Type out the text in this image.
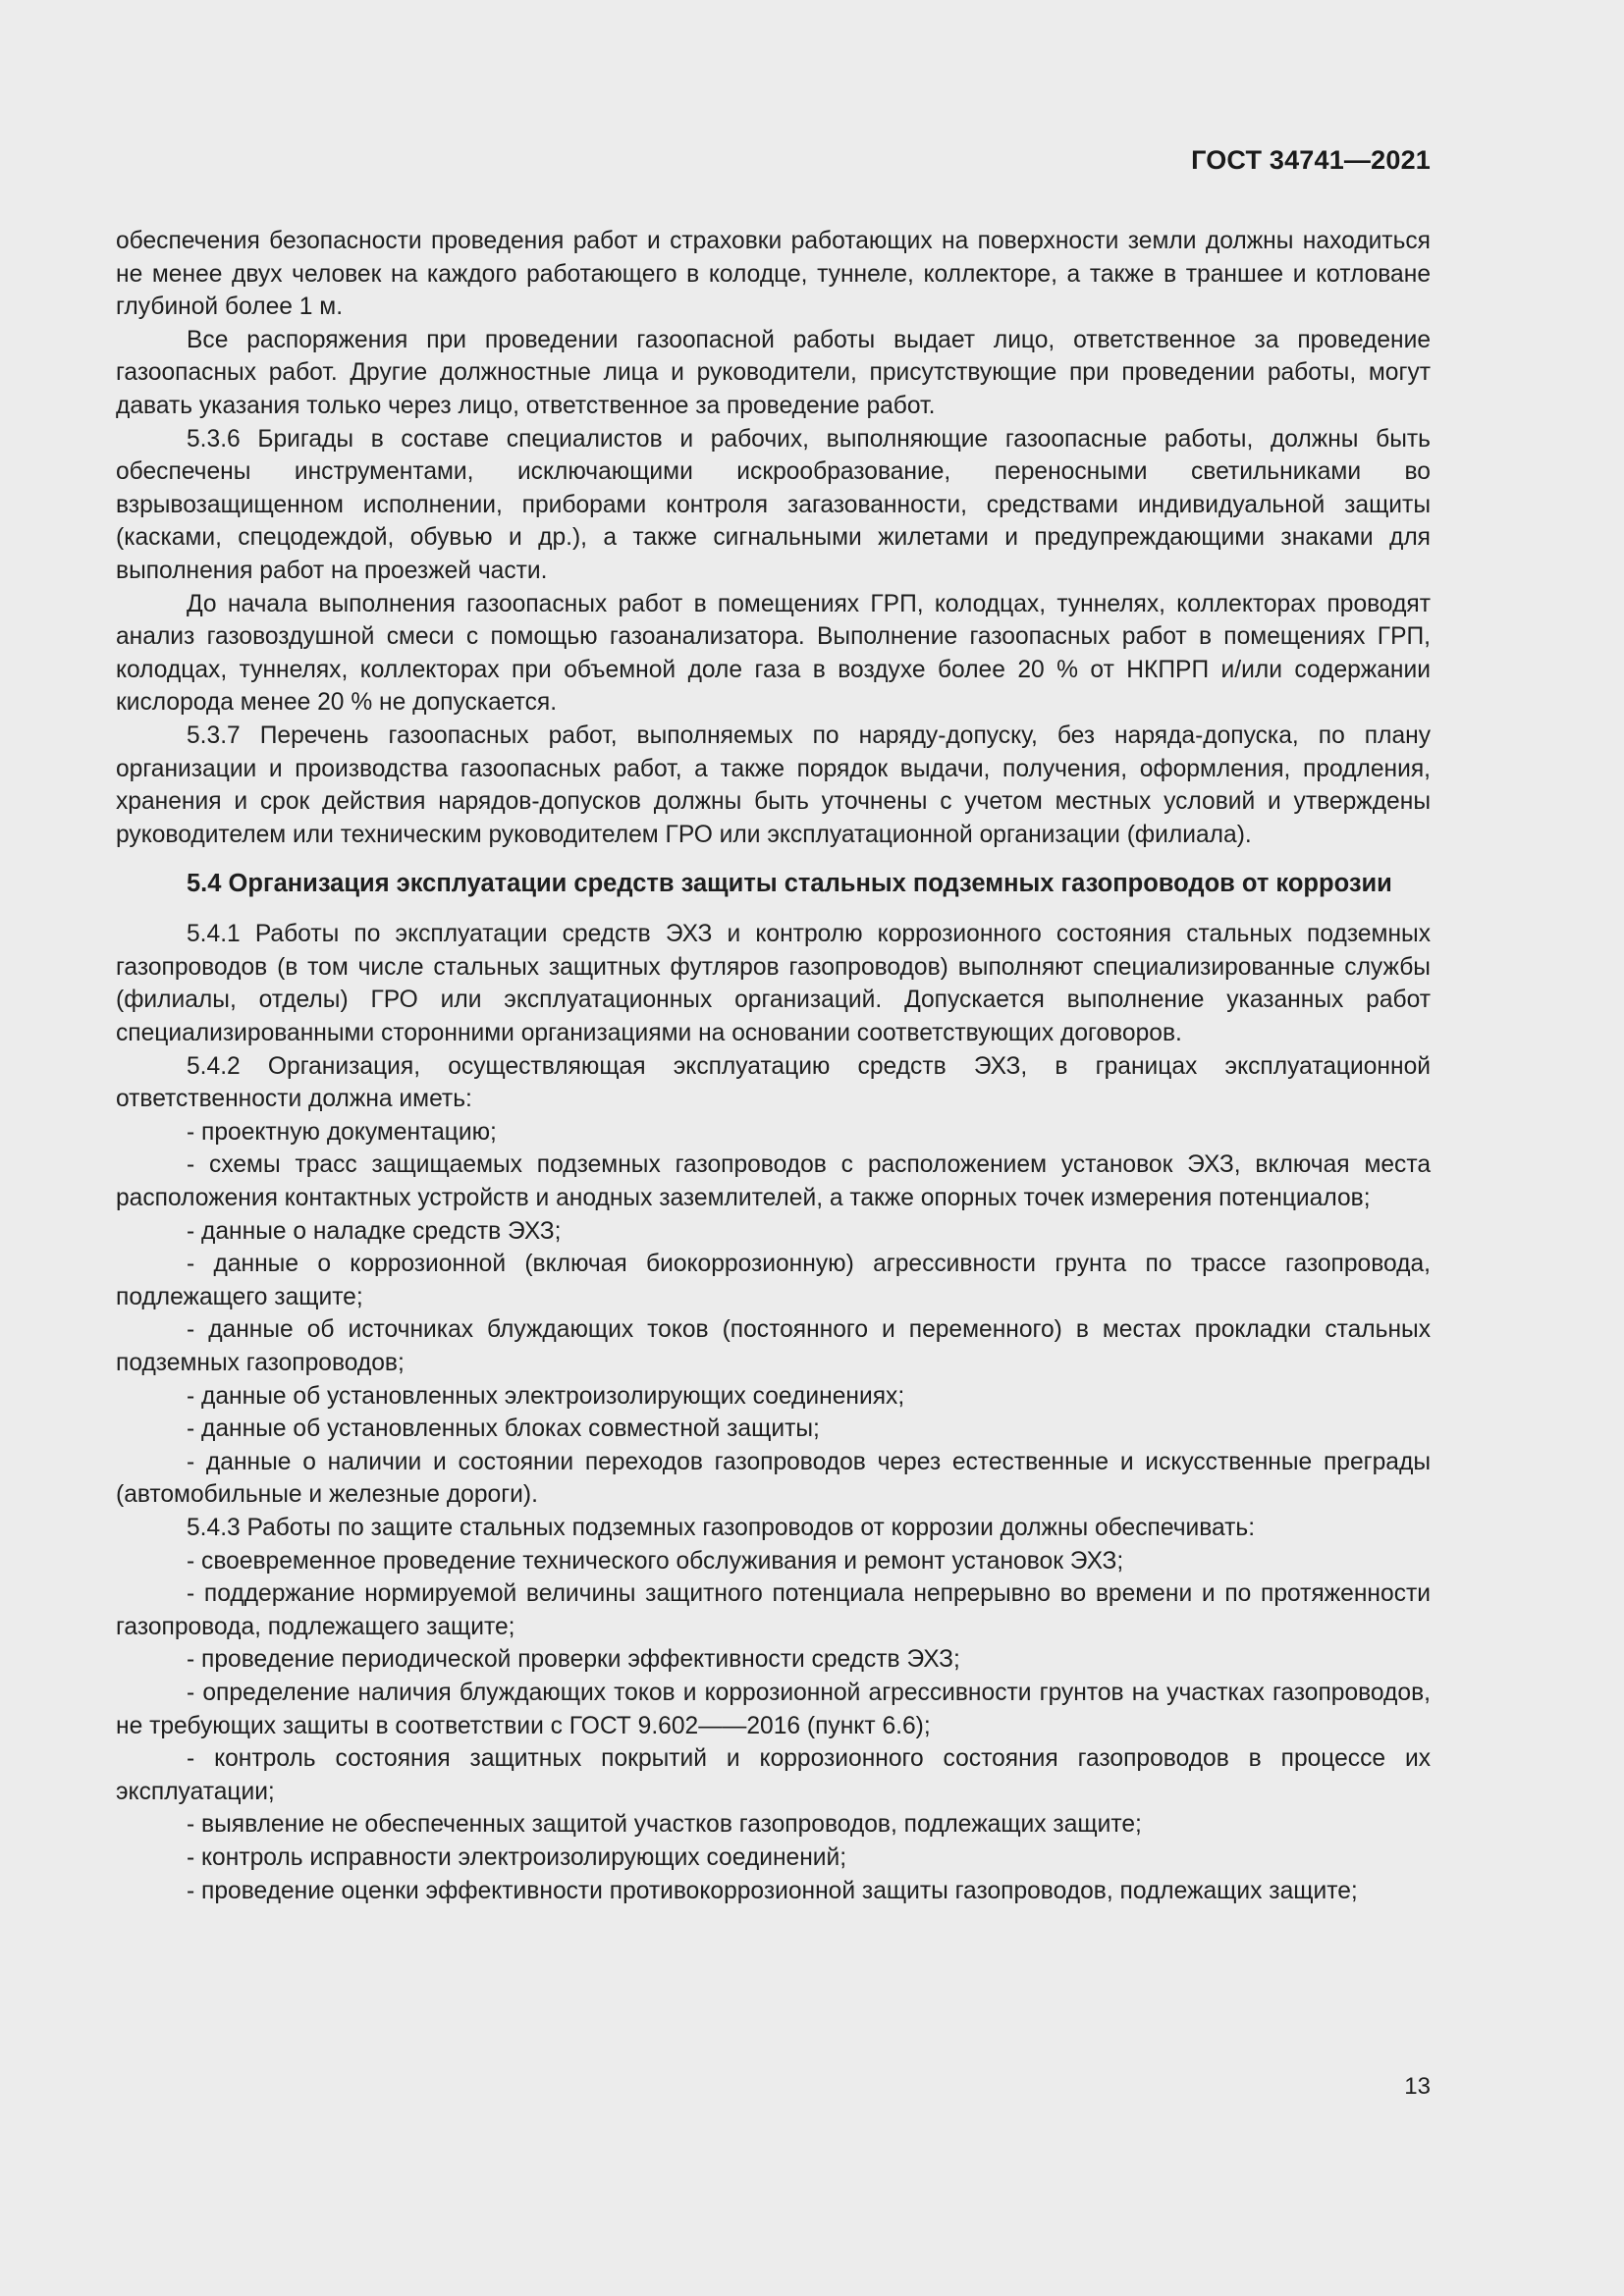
ГОСТ 34741—2021

обеспечения безопасности проведения работ и страховки работающих на поверхности земли должны находиться не менее двух человек на каждого работающего в колодце, туннеле, коллекторе, а также в траншее и котловане глубиной более 1 м.

Все распоряжения при проведении газоопасной работы выдает лицо, ответственное за проведение газоопасных работ. Другие должностные лица и руководители, присутствующие при проведении работы, могут давать указания только через лицо, ответственное за проведение работ.

5.3.6 Бригады в составе специалистов и рабочих, выполняющие газоопасные работы, должны быть обеспечены инструментами, исключающими искрообразование, переносными светильниками во взрывозащищенном исполнении, приборами контроля загазованности, средствами индивидуальной защиты (касками, спецодеждой, обувью и др.), а также сигнальными жилетами и предупреждающими знаками для выполнения работ на проезжей части.

До начала выполнения газоопасных работ в помещениях ГРП, колодцах, туннелях, коллекторах проводят анализ газовоздушной смеси с помощью газоанализатора. Выполнение газоопасных работ в помещениях ГРП, колодцах, туннелях, коллекторах при объемной доле газа в воздухе более 20 % от НКПРП и/или содержании кислорода менее 20 % не допускается.

5.3.7 Перечень газоопасных работ, выполняемых по наряду-допуску, без наряда-допуска, по плану организации и производства газоопасных работ, а также порядок выдачи, получения, оформления, продления, хранения и срок действия нарядов-допусков должны быть уточнены с учетом местных условий и утверждены руководителем или техническим руководителем ГРО или эксплуатационной организации (филиала).

5.4 Организация эксплуатации средств защиты стальных подземных газопроводов от коррозии

5.4.1 Работы по эксплуатации средств ЭХЗ и контролю коррозионного состояния стальных подземных газопроводов (в том числе стальных защитных футляров газопроводов) выполняют специализированные службы (филиалы, отделы) ГРО или эксплуатационных организаций. Допускается выполнение указанных работ специализированными сторонними организациями на основании соответствующих договоров.

5.4.2 Организация, осуществляющая эксплуатацию средств ЭХЗ, в границах эксплуатационной ответственности должна иметь:

- проектную документацию;

- схемы трасс защищаемых подземных газопроводов с расположением установок ЭХЗ, включая места расположения контактных устройств и анодных заземлителей, а также опорных точек измерения потенциалов;

- данные о наладке средств ЭХЗ;

- данные о коррозионной (включая биокоррозионную) агрессивности грунта по трассе газопровода, подлежащего защите;

- данные об источниках блуждающих токов (постоянного и переменного) в местах прокладки стальных подземных газопроводов;

- данные об установленных электроизолирующих соединениях;

- данные об установленных блоках совместной защиты;

- данные о наличии и состоянии переходов газопроводов через естественные и искусственные преграды (автомобильные и железные дороги).

5.4.3 Работы по защите стальных подземных газопроводов от коррозии должны обеспечивать:

- своевременное проведение технического обслуживания и ремонт установок ЭХЗ;

- поддержание нормируемой величины защитного потенциала непрерывно во времени и по протяженности газопровода, подлежащего защите;

- проведение периодической проверки эффективности средств ЭХЗ;

- определение наличия блуждающих токов и коррозионной агрессивности грунтов на участках газопроводов, не требующих защиты в соответствии с ГОСТ 9.602——2016 (пункт 6.6);

- контроль состояния защитных покрытий и коррозионного состояния газопроводов в процессе их эксплуатации;

- выявление не обеспеченных защитой участков газопроводов, подлежащих защите;

- контроль исправности электроизолирующих соединений;

- проведение оценки эффективности противокоррозионной защиты газопроводов, подлежащих защите;

13
